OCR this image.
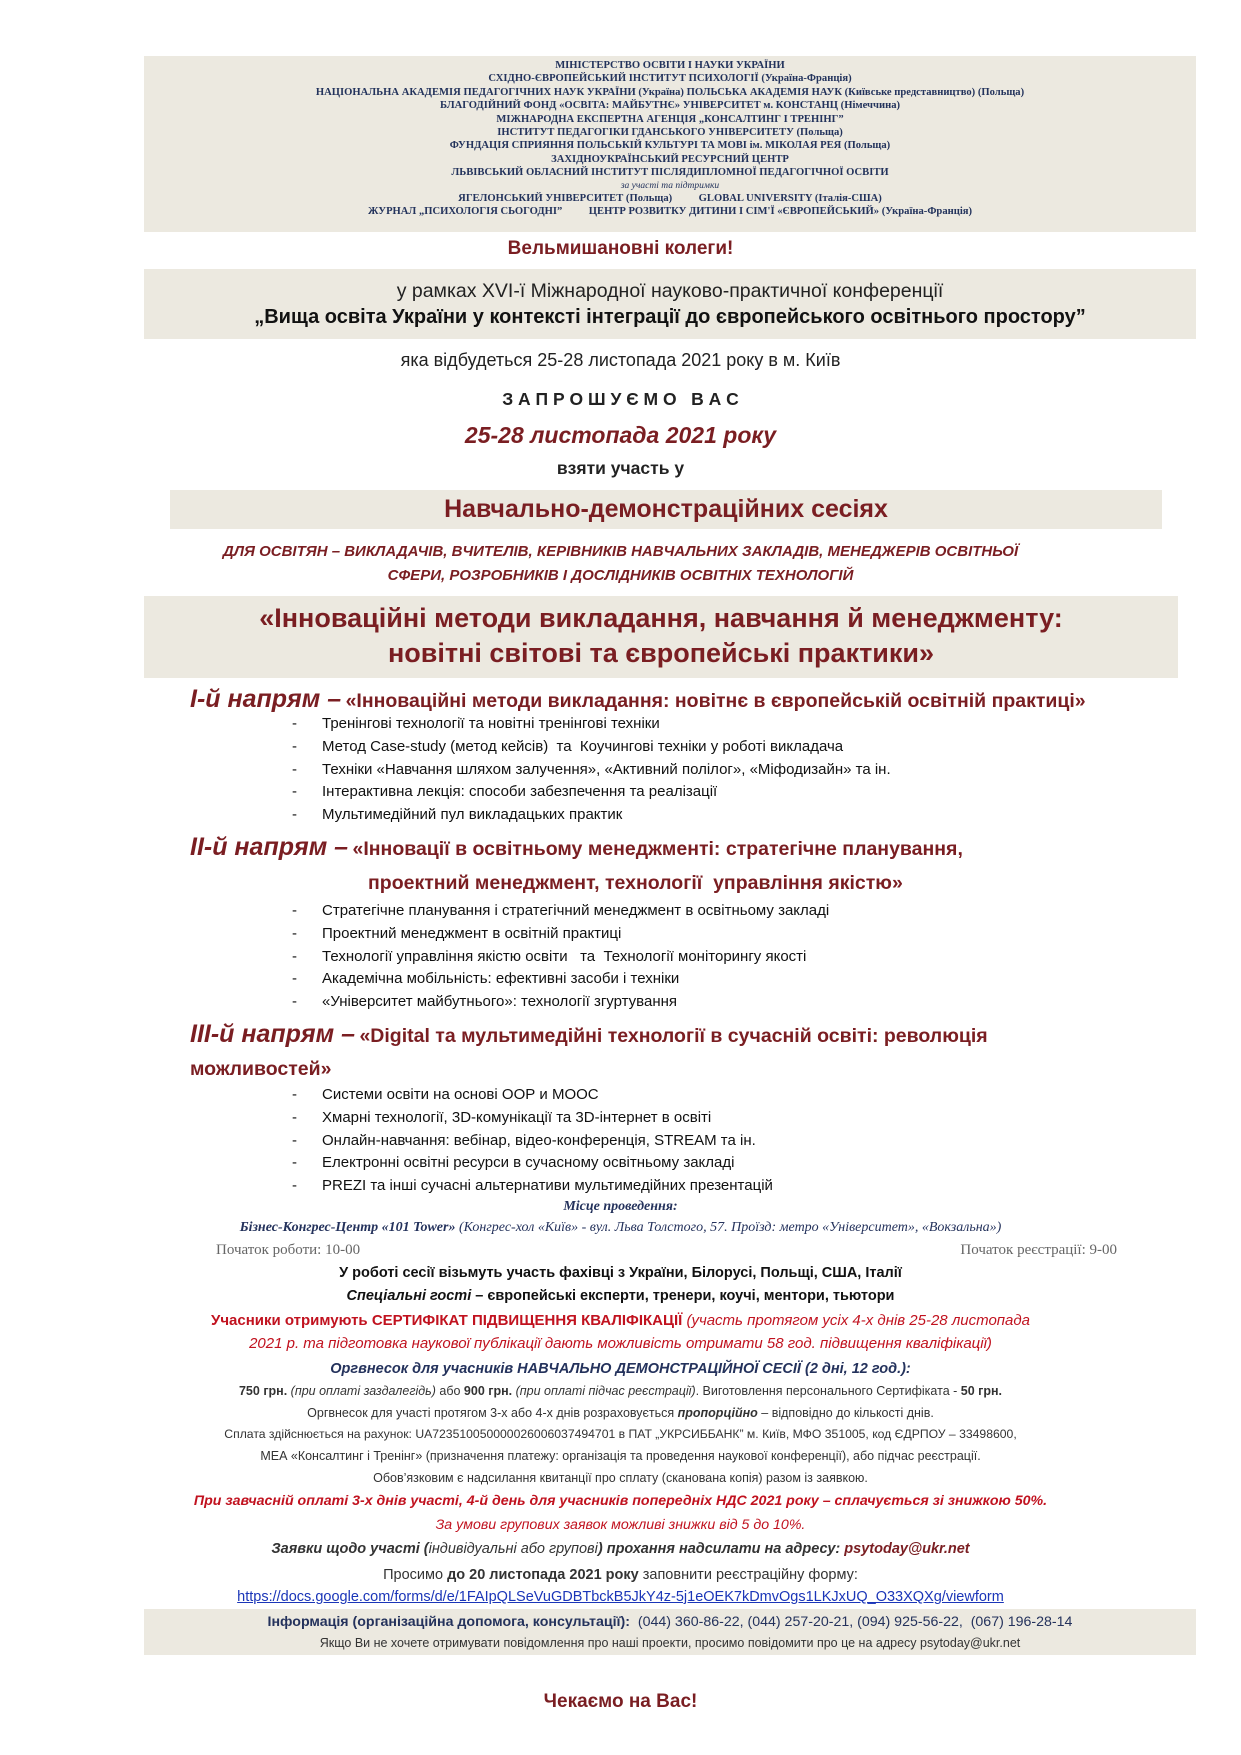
МІНІСТЕРСТВО ОСВІТИ І НАУКИ УКРАЇНИ
СХІДНО-ЄВРОПЕЙСЬКИЙ ІНСТИТУТ ПСИХОЛОГІЇ (Україна-Франція)
НАЦІОНАЛЬНА АКАДЕМІЯ ПЕДАГОГІЧНИХ НАУК УКРАЇНИ (Україна) ПОЛЬСЬКА АКАДЕМІЯ НАУК (Київське представництво) (Польща)
БЛАГОДІЙНИЙ ФОНД «ОСВІТА: МАЙБУТНЄ» УНІВЕРСИТЕТ м. КОНСТАНЦ (Німеччина)
МІЖНАРОДНА ЕКСПЕРТНА АГЕНЦІЯ „КОНСАЛТИНГ І ТРЕНІНГ”
ІНСТИТУТ ПЕДАГОГІКИ ГДАНСЬКОГО УНІВЕРСИТЕТУ (Польща)
ФУНДАЦІЯ СПРИЯННЯ ПОЛЬСЬКІЙ КУЛЬТУРІ ТА МОВІ ім. МІКОЛАЯ РЕЯ (Польща)
ЗАХІДНОУКРАЇНСЬКИЙ РЕСУРСНИЙ ЦЕНТР
ЛЬВІВСЬКИЙ ОБЛАСНИЙ ІНСТИТУТ ПІСЛЯДИПЛОМНОЇ ПЕДАГОГІЧНОЇ ОСВІТИ
за участі та підтримки
ЯГЕЛОНСЬКИЙ УНІВЕРСИТЕТ (Польща)          GLOBAL UNIVERSITY (Італія-США)
ЖУРНАЛ „ПСИХОЛОГІЯ СЬОГОДНІ”          ЦЕНТР РОЗВИТКУ ДИТИНИ І СІМ'Ї «ЄВРОПЕЙСЬКИЙ» (Україна-Франція)
Вельмишановні колеги!
у рамках XVI-ї Міжнародної науково-практичної конференції
„Вища освіта України у контексті інтеграції до європейського освітнього простору”
яка відбудеться 25-28 листопада 2021 року в м. Київ
З А П Р О Ш У Є М О   В А С
25-28 листопада 2021 року
взяти участь у
Навчально-демонстраційних сесіях
ДЛЯ ОСВІТЯН – ВИКЛАДАЧІВ, ВЧИТЕЛІВ, КЕРІВНИКІВ НАВЧАЛЬНИХ ЗАКЛАДІВ, МЕНЕДЖЕРІВ ОСВІТНЬОЇ
СФЕРИ, РОЗРОБНИКІВ І ДОСЛІДНИКІВ ОСВІТНІХ ТЕХНОЛОГІЙ
«Інноваційні методи викладання, навчання й менеджменту:
новітні світові та європейські практики»
І-й напрям – «Інноваційні методи викладання: новітнє в європейській освітній практиці»
- Тренінгові технології та новітні тренінгові техніки
- Метод Case-study (метод кейсів)  та  Коучингові техніки у роботі викладача
- Техніки «Навчання шляхом залучення», «Активний полілог», «Міфодизайн» та ін.
- Інтерактивна лекція: способи забезпечення та реалізації
- Мультимедійний пул викладацьких практик
ІІ-й напрям – «Інновації в освітньому менеджменті: стратегічне планування,
проектний менеджмент, технології  управління якістю»
- Стратегічне планування і стратегічний менеджмент в освітньому закладі
- Проектний менеджмент в освітній практиці
- Технології управління якістю освіти   та  Технології моніторингу якості
- Академічна мобільність: ефективні засоби і техніки
- «Університет майбутнього»: технології згуртування
ІІІ-й напрям – «Digital та мультимедійні технології в сучасній освіті: революція
можливостей»
- Системи освіти на основі ООР и МООС
- Хмарні технології, 3D-комунікації та 3D-інтернет в освіті
- Онлайн-навчання: вебінар, відео-конференція, STREAM та ін.
- Електронні освітні ресурси в сучасному освітньому закладі
- PREZI та інші сучасні альтернативи мультимедійних презентацій
Місце проведення:
Бізнес-Конгрес-Центр «101 Tower» (Конгрес-хол «Київ» - вул. Льва Толстого, 57. Проїзд: метро «Університет», «Вокзальна»)
Початок роботи: 10-00	Початок реєстрації: 9-00
У роботі сесії візьмуть участь фахівці з України, Білорусі, Польщі, США, Італії
Спеціальні гості – європейські експерти, тренери, коучі, ментори, тьютори
Учасники отримують СЕРТИФІКАТ ПІДВИЩЕННЯ КВАЛІФІКАЦІЇ (участь протягом усіх 4-х днів 25-28 листопада
2021 р. та підготовка наукової публікації дають можливість отримати 58 год. підвищення кваліфікації)
Оргвнесок для учасників НАВЧАЛЬНО ДЕМОНСТРАЦІЙНОЇ СЕСІЇ (2 дні, 12 год.):
750 грн. (при оплаті заздалегідь) або 900 грн. (при оплаті підчас реєстрації). Виготовлення персонального Сертифіката - 50 грн.
Оргвнесок для участі протягом 3-х або 4-х днів розраховується пропорційно – відповідно до кількості днів.
Сплата здійснюється на рахунок: UA723510050000026006037494701 в ПАТ „УКРСИББАНК” м. Київ, МФО 351005, код ЄДРПОУ – 33498600,
МЕА «Консалтинг і Тренінг» (призначення платежу: організація та проведення наукової конференції), або підчас реєстрації.
Обов’язковим є надсилання квитанції про сплату (сканована копія) разом із заявкою.
При завчасній оплаті 3-х днів участі, 4-й день для учасників попередніх НДС 2021 року – сплачується зі знижкою 50%.
За умови групових заявок можливі знижки від 5 до 10%.
Заявки щодо участі (індивідуальні або групові) прохання надсилати на адресу: psytoday@ukr.net
Просимо до 20 листопада 2021 року заповнити реєстраційну форму:
https://docs.google.com/forms/d/e/1FAIpQLSeVuGDBTbckB5JkY4z-5j1eOEK7kDmvOgs1LKJxUQ_O33XQXg/viewform
Інформація (організаційна допомога, консультації):  (044) 360-86-22, (044) 257-20-21, (094) 925-56-22,  (067) 196-28-14
Якщо Ви не хочете отримувати повідомлення про наші проекти, просимо повідомити про це на адресу psytoday@ukr.net
Чекаємо на Вас!
